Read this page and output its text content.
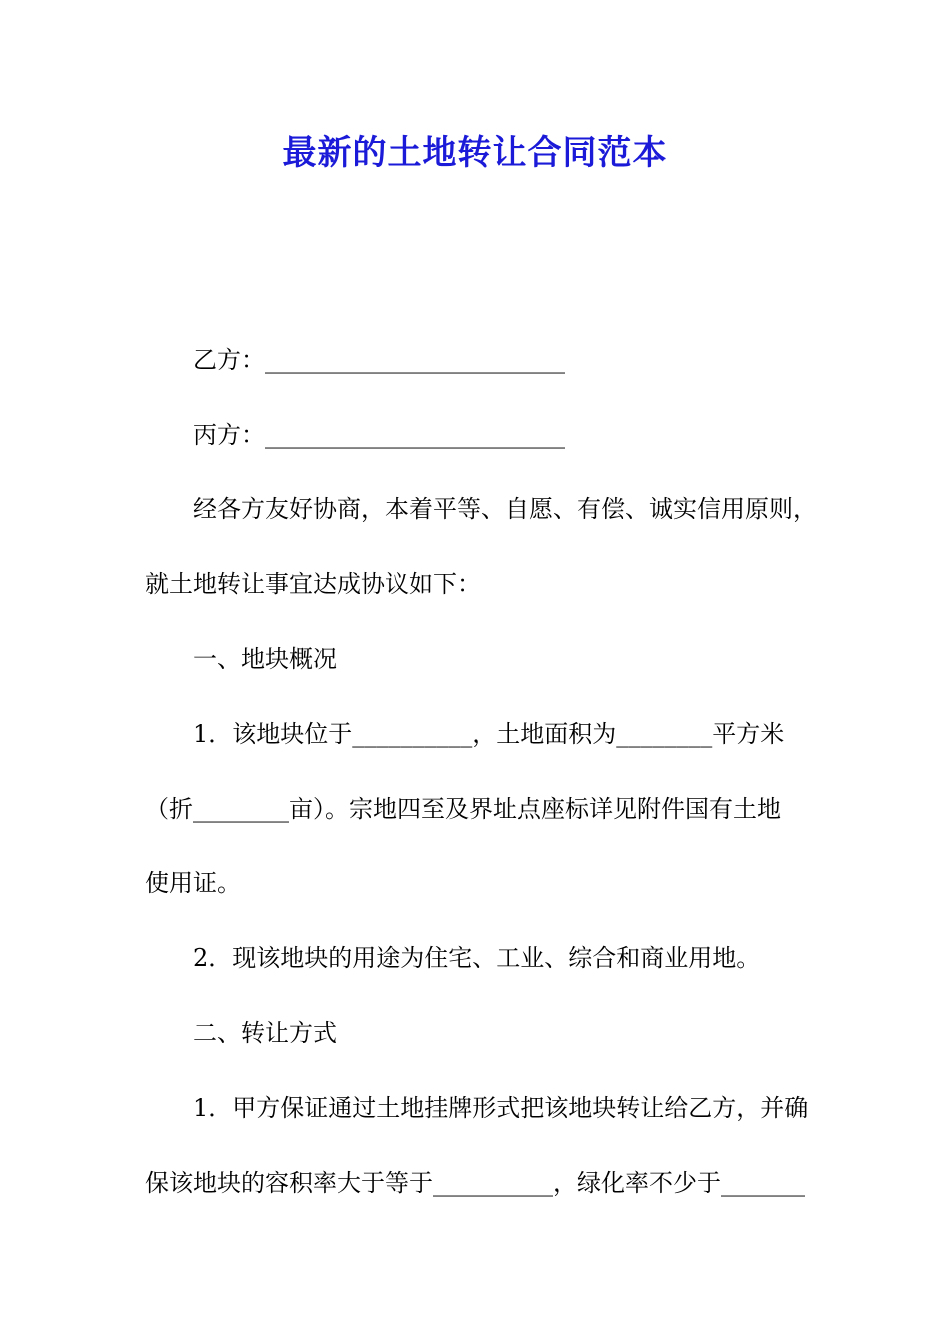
最新的土地转让合同范本
乙方：_________________________
丙方：_________________________
经各方友好协商，本着平等、自愿、有偿、诚实信用原则，
就土地转让事宜达成协议如下：
一、地块概况
1．该地块位于__________，土地面积为________平方米
（折________亩）。宗地四至及界址点座标详见附件国有土地
使用证。
2．现该地块的用途为住宅、工业、综合和商业用地。
二、转让方式
1．甲方保证通过土地挂牌形式把该地块转让给乙方，并确
保该地块的容积率大于等于__________，绿化率不少于_______
